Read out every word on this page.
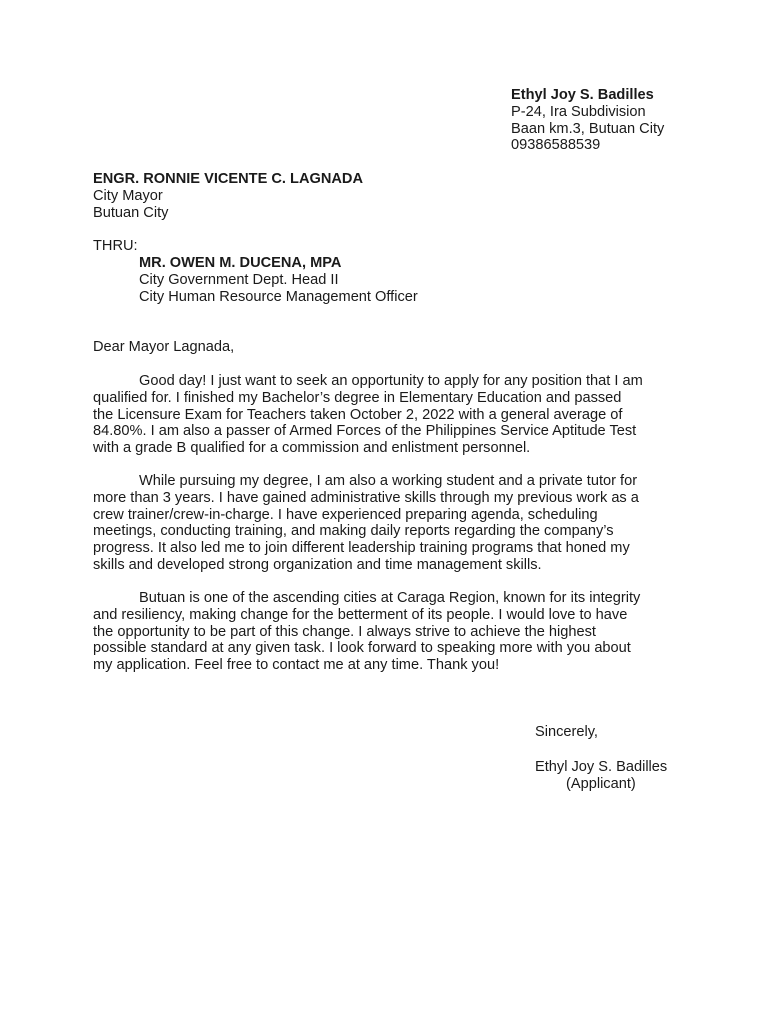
Ethyl Joy S. Badilles
P-24, Ira Subdivision
Baan km.3, Butuan City
09386588539
ENGR. RONNIE VICENTE C. LAGNADA
City Mayor
Butuan City
THRU:
MR. OWEN M. DUCENA, MPA
City Government Dept. Head II
City Human Resource Management Officer
Dear Mayor Lagnada,
Good day! I just want to seek an opportunity to apply for any position that I am
qualified for. I finished my Bachelor’s degree in Elementary Education and passed
the Licensure Exam for Teachers taken October 2, 2022 with a general average of
84.80%. I am also a passer of Armed Forces of the Philippines Service Aptitude Test
with a grade B qualified for a commission and enlistment personnel.
While pursuing my degree, I am also a working student and a private tutor for
more than 3 years. I have gained administrative skills through my previous work as a
crew trainer/crew-in-charge. I have experienced preparing agenda, scheduling
meetings, conducting training, and making daily reports regarding the company’s
progress. It also led me to join different leadership training programs that honed my
skills and developed strong organization and time management skills.
Butuan is one of the ascending cities at Caraga Region, known for its integrity
and resiliency, making change for the betterment of its people. I would love to have
the opportunity to be part of this change. I always strive to achieve the highest
possible standard at any given task. I look forward to speaking more with you about
my application. Feel free to contact me at any time. Thank you!
Sincerely,
Ethyl Joy S. Badilles
(Applicant)
